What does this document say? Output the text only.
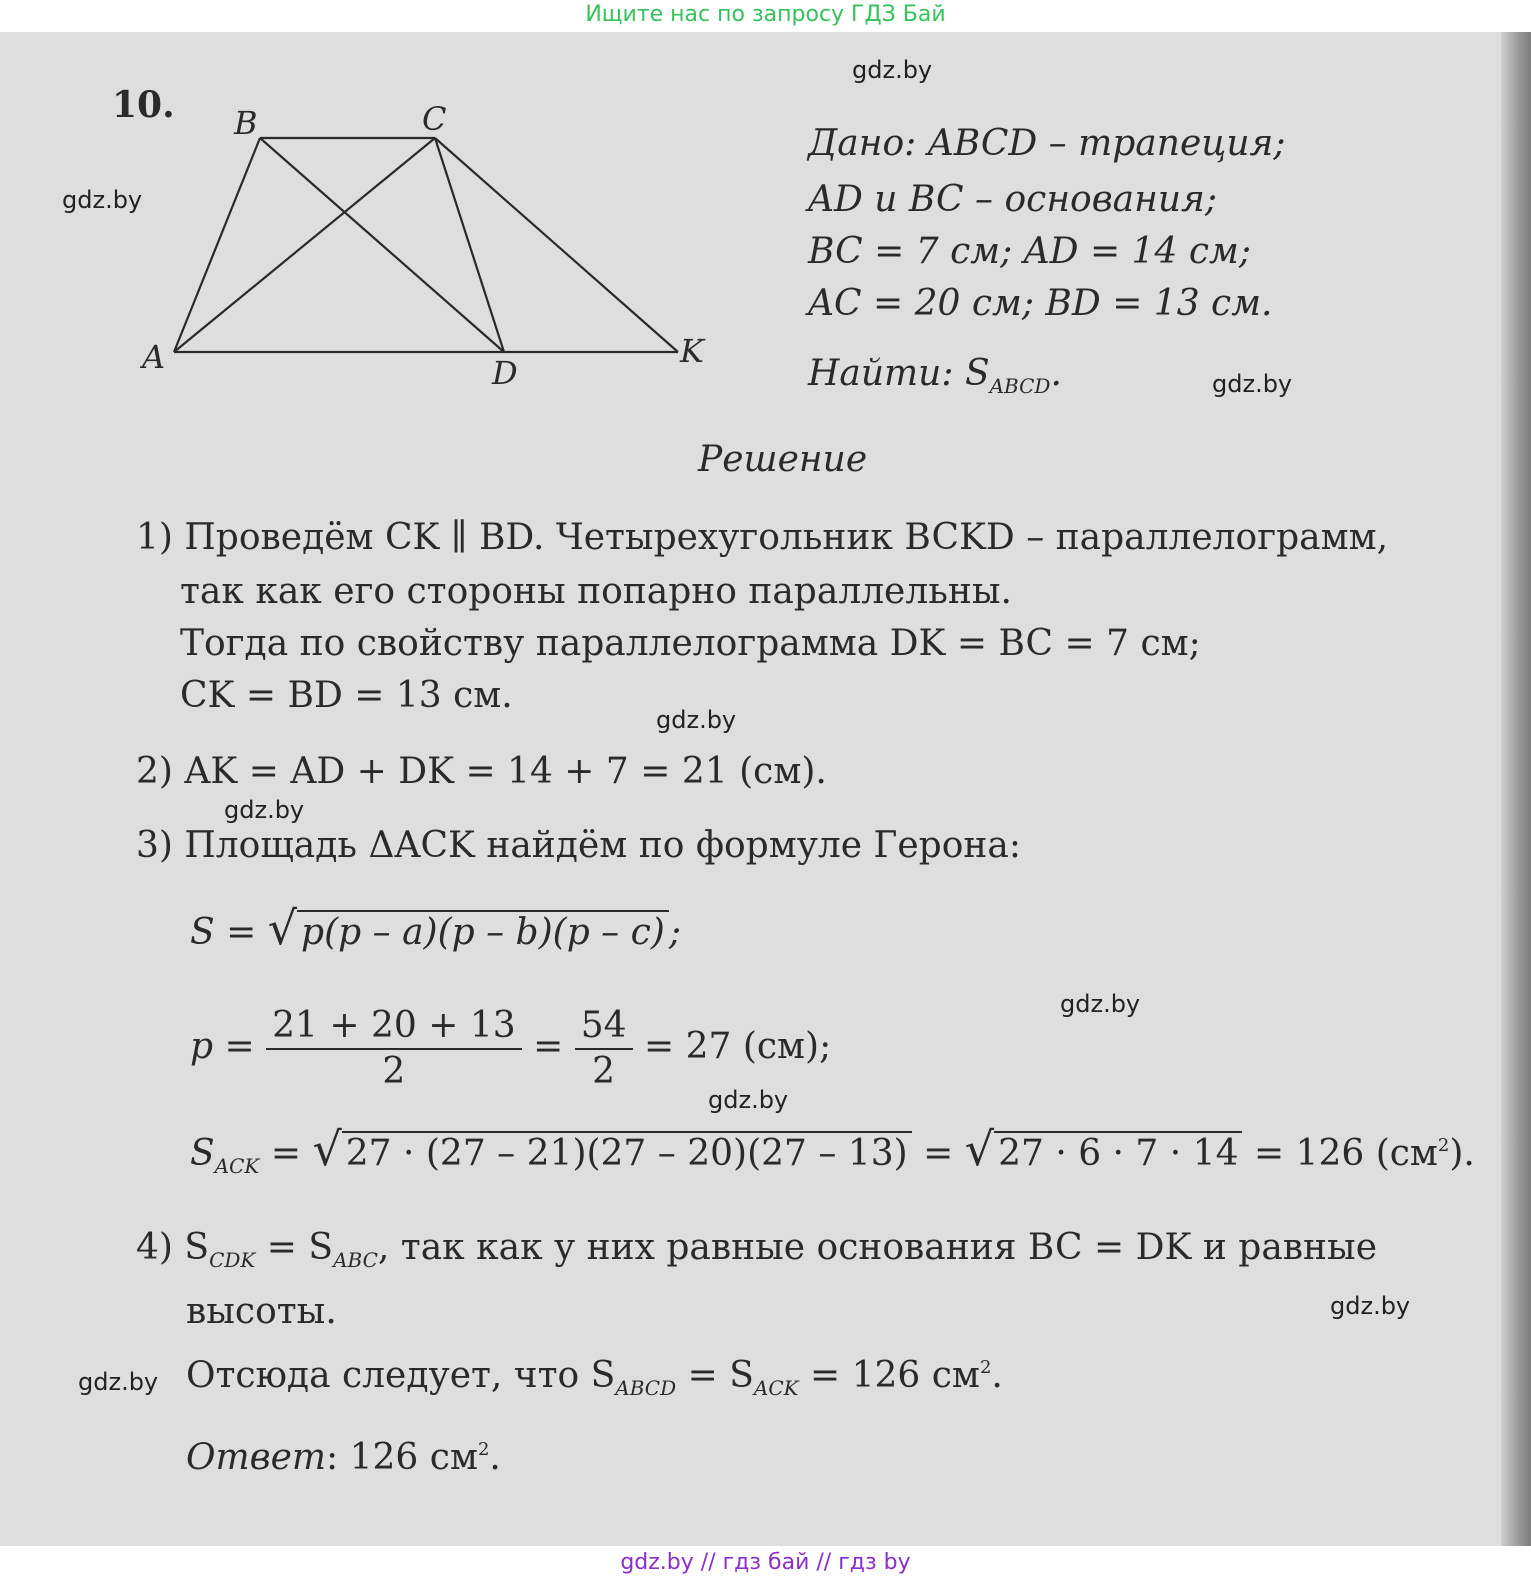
Ищите нас по запросу ГДЗ Бай
10.
A
B	C
D
K
Дано: ABCD – трапеция;
AD и BC – основания;
BC = 7 см; AD = 14 см;
AC = 20 см; BD = 13 см.
Найти: $S_{ABCD}$.
Решение
1) Проведём CK ∥ BD. Четырехугольник BCKD – параллелограмм,
так как его стороны попарно параллельны.
Тогда по свойству параллелограмма DK = BC = 7 см;
CK = BD = 13 см.
2) AK = AD + DK = 14 + 7 = 21 (см).
3) Площадь ΔACK найдём по формуле Герона:
S = √ p(p – a)(p – b)(p – c) ;
$p = \frac{21 + 20 + 13}{2} = \frac{54}{2} = 27$ (см);
$S_{ACK}$ = √ 27 · (27 – 21)(27 – 20)(27 – 13) = √ 27 · 6 · 7 · 14 = 126 $(см^2)$.
4) $S_{CDK} = S_{ABC}$, так как у них равные основания BC = DK и равные
высоты.
Отсюда следует, что $S_{ABCD} = S_{ACK} = 126$ $см^2$.
Ответ: 126 $см^2$.
gdz.by
gdz.by
gdz.by
gdz.by
gdz.by
gdz.by
gdz.by
gdz.by
gdz.by
gdz.by // гдз бай // гдз by
